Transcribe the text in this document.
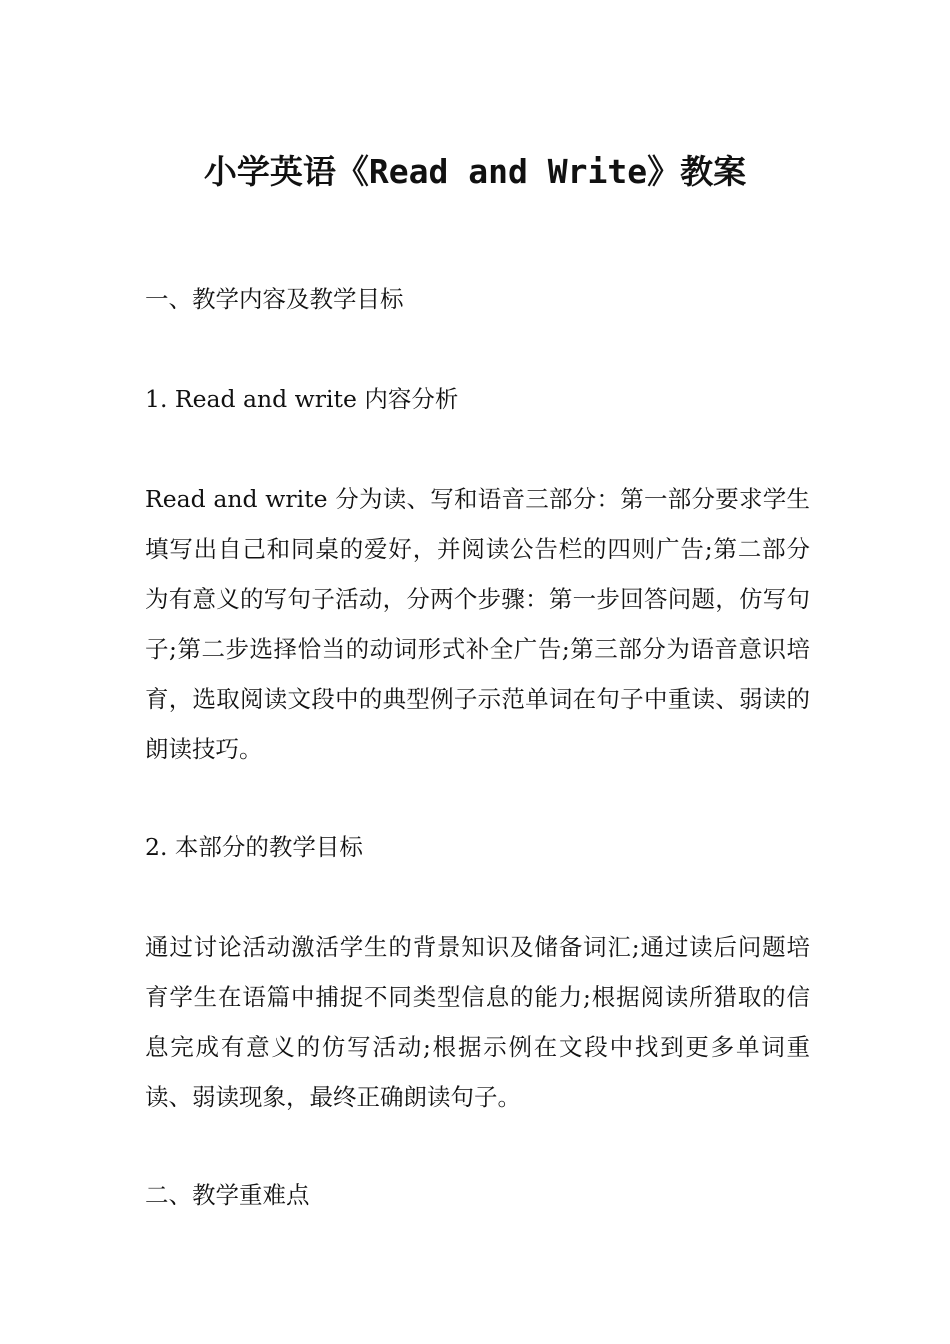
小学英语《Read and Write》教案

一、教学内容及教学目标

1. Read and write 内容分析

Read and write 分为读、写和语音三部分：第一部分要求学生填写出自己和同桌的爱好，并阅读公告栏的四则广告;第二部分为有意义的写句子活动，分两个步骤：第一步回答问题，仿写句子;第二步选择恰当的动词形式补全广告;第三部分为语音意识培育，选取阅读文段中的典型例子示范单词在句子中重读、弱读的朗读技巧。

2. 本部分的教学目标

通过讨论活动激活学生的背景知识及储备词汇;通过读后问题培育学生在语篇中捕捉不同类型信息的能力;根据阅读所猎取的信息完成有意义的仿写活动;根据示例在文段中找到更多单词重读、弱读现象，最终正确朗读句子。

二、教学重难点
